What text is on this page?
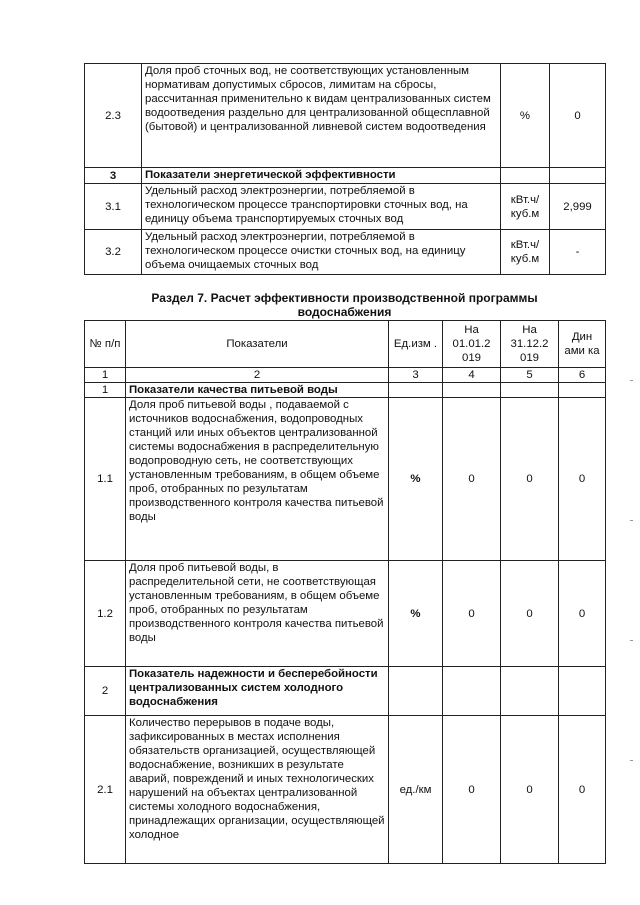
2.3	Доля проб сточных вод, не соответствующих установленным нормативам допустимых сбросов, лимитам на сбросы, рассчитанная применительно к видам централизованных систем водоотведения раздельно для централизованной общесплавной (бытовой) и централизованной ливневой систем водоотведения	%	0
3	Показатели энергетической эффективности		
3.1	Удельный расход электроэнергии, потребляемой в технологическом процессе транспортировки сточных вод, на единицу объема транспортируемых сточных вод	кВт.ч/ куб.м	2,999
3.2	Удельный расход электроэнергии, потребляемой в технологическом процессе очистки сточных вод, на единицу объема очищаемых сточных вод	кВт.ч/ куб.м	-
Раздел 7. Расчет эффективности производственной программы
водоснабжения
№ п/п	Показатели	Ед.изм .	На 01.01.2 019	На 31.12.2 019	Дин ами ка
1	2	3	4	5	6
1	Показатели качества питьевой воды				
1.1	Доля проб питьевой воды , подаваемой с источников водоснабжения, водопроводных станций или иных объектов централизованной системы водоснабжения в распределительную водопроводную сеть, не соответствующих установленным требованиям, в общем объеме проб, отобранных по результатам производственного контроля качества питьевой воды	%	0	0	0
1.2	Доля проб питьевой воды, в распределительной сети, не соответствующая установленным требованиям, в общем объеме проб, отобранных по результатам производственного контроля качества питьевой воды	%	0	0	0
2	Показатель надежности и бесперебойности централизованных систем холодного водоснабжения				
2.1	Количество перерывов в подаче воды, зафиксированных в местах исполнения обязательств организацией, осуществляющей водоснабжение, возникших в результате аварий, повреждений и иных технологических нарушений на объектах централизованной системы холодного водоснабжения, принадлежащих организации, осуществляющей холодное	ед./км	0	0	0
